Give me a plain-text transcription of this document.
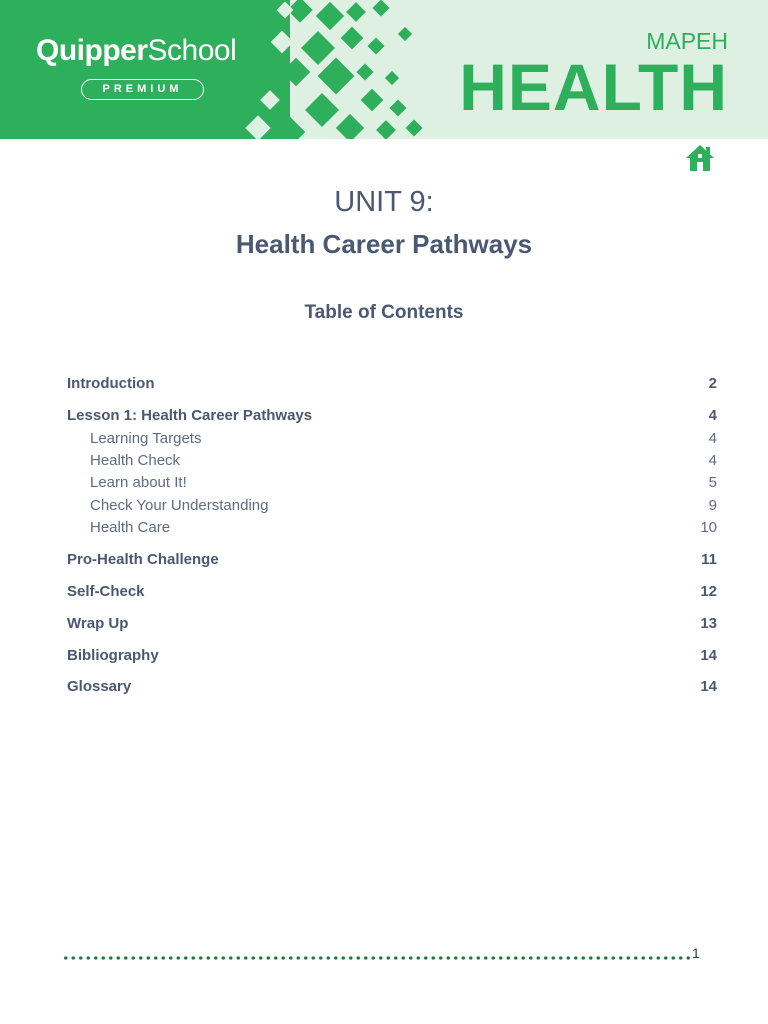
QuipperSchool
PREMIUM
MAPEH
HEALTH
UNIT 9:
Health Career Pathways
Table of Contents
Introduction	2
Lesson 1: Health Career Pathways	4
Learning Targets	4
Health Check	4
Learn about It!	5
Check Your Understanding	9
Health Care	10
Pro-Health Challenge	11
Self-Check	12
Wrap Up	13
Bibliography	14
Glossary	14
1
